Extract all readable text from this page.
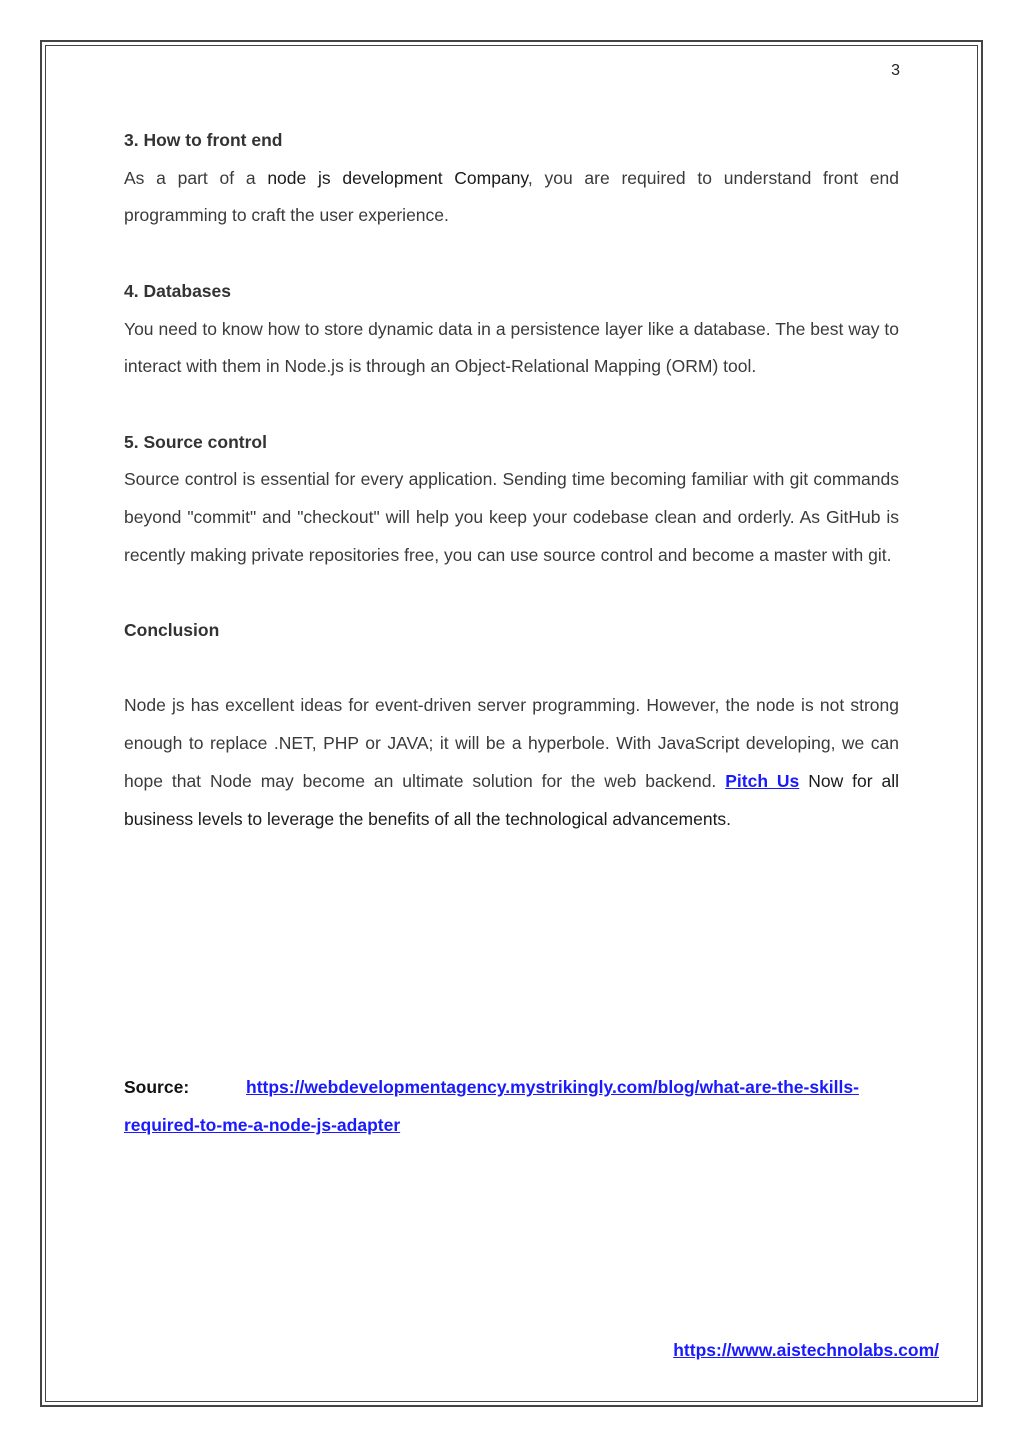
3

3. How to front end

As a part of a node js development Company, you are required to understand front end programming to craft the user experience.

4. Databases

You need to know how to store dynamic data in a persistence layer like a database. The best way to interact with them in Node.js is through an Object-Relational Mapping (ORM) tool.

5. Source control

Source control is essential for every application. Sending time becoming familiar with git commands beyond "commit" and "checkout" will help you keep your codebase clean and orderly. As GitHub is recently making private repositories free, you can use source control and become a master with git.

Conclusion

Node js has excellent ideas for event-driven server programming. However, the node is not strong enough to replace .NET, PHP or JAVA; it will be a hyperbole. With JavaScript developing, we can hope that Node may become an ultimate solution for the web backend. Pitch Us Now for all business levels to leverage the benefits of all the technological advancements.

Source:	https://webdevelopmentagency.mystrikingly.com/blog/what-are-the-skills-
required-to-me-a-node-js-adapter
https://www.aistechnolabs.com/
